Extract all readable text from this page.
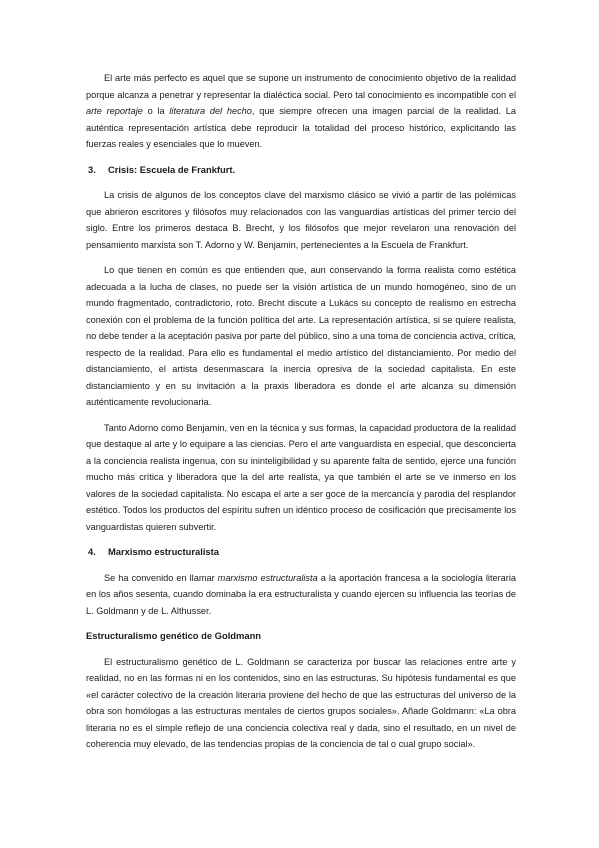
El arte más perfecto es aquel que se supone un instrumento de conocimiento objetivo de la realidad porque alcanza a penetrar y representar la dialéctica social. Pero tal conocimiento es incompatible con el arte reportaje o la literatura del hecho, que siempre ofrecen una imagen parcial de la realidad. La auténtica representación artística debe reproducir la totalidad del proceso histórico, explicitando las fuerzas reales y esenciales que lo mueven.

3. Crisis: Escuela de Frankfurt.

La crisis de algunos de los conceptos clave del marxismo clásico se vivió a partir de las polémicas que abrieron escritores y filósofos muy relacionados con las vanguardias artísticas del primer tercio del siglo. Entre los primeros destaca B. Brecht, y los filósofos que mejor revelaron una renovación del pensamiento marxista son T. Adorno y W. Benjamin, pertenecientes a la Escuela de Frankfurt.

Lo que tienen en común es que entienden que, aun conservando la forma realista como estética adecuada a la lucha de clases, no puede ser la visión artística de un mundo homogéneo, sino de un mundo fragmentado, contradictorio, roto. Brecht discute a Lukács su concepto de realismo en estrecha conexión con el problema de la función política del arte. La representación artística, si se quiere realista, no debe tender a la aceptación pasiva por parte del público, sino a una toma de conciencia activa, crítica, respecto de la realidad. Para ello es fundamental el medio artístico del distanciamiento. Por medio del distanciamiento, el artista desenmascara la inercia opresiva de la sociedad capitalista. En este distanciamiento y en su invitación a la praxis liberadora es donde el arte alcanza su dimensión auténticamente revolucionaria.

Tanto Adorno como Benjamin, ven en la técnica y sus formas, la capacidad productora de la realidad que destaque al arte y lo equipare a las ciencias. Pero el arte vanguardista en especial, que desconcierta a la conciencia realista ingenua, con su ininteligibilidad y su aparente falta de sentido, ejerce una función mucho más crítica y liberadora que la del arte realista, ya que también el arte se ve inmerso en los valores de la sociedad capitalista. No escapa el arte a ser goce de la mercancía y parodia del resplandor estético. Todos los productos del espíritu sufren un idéntico proceso de cosificación que precisamente los vanguardistas quieren subvertir.

4. Marxismo estructuralista

Se ha convenido en llamar marxismo estructuralista a la aportación francesa a la sociología literaria en los años sesenta, cuando dominaba la era estructuralista y cuando ejercen su influencia las teorías de L. Goldmann y de L. Althusser.

Estructuralismo genético de Goldmann

El estructuralismo genético de L. Goldmann se caracteriza por buscar las relaciones entre arte y realidad, no en las formas ni en los contenidos, sino en las estructuras. Su hipótesis fundamental es que «el carácter colectivo de la creación literaria proviene del hecho de que las estructuras del universo de la obra son homólogas a las estructuras mentales de ciertos grupos sociales». Añade Goldmann: «La obra literaria no es el simple reflejo de una conciencia colectiva real y dada, sino el resultado, en un nivel de coherencia muy elevado, de las tendencias propias de la conciencia de tal o cual grupo social».
